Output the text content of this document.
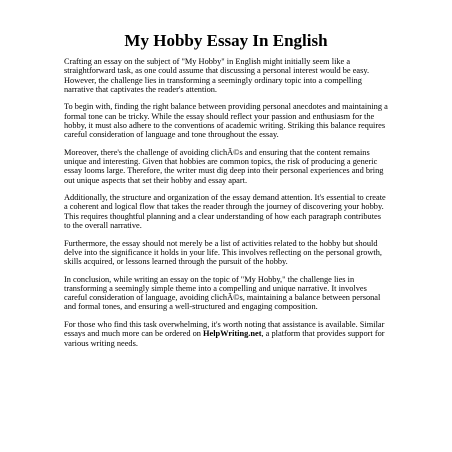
My Hobby Essay In English

Crafting an essay on the subject of "My Hobby" in English might initially seem like a
straightforward task, as one could assume that discussing a personal interest would be easy.
However, the challenge lies in transforming a seemingly ordinary topic into a compelling
narrative that captivates the reader's attention.

To begin with, finding the right balance between providing personal anecdotes and maintaining a
formal tone can be tricky. While the essay should reflect your passion and enthusiasm for the
hobby, it must also adhere to the conventions of academic writing. Striking this balance requires
careful consideration of language and tone throughout the essay.

Moreover, there's the challenge of avoiding clichÃ©s and ensuring that the content remains
unique and interesting. Given that hobbies are common topics, the risk of producing a generic
essay looms large. Therefore, the writer must dig deep into their personal experiences and bring
out unique aspects that set their hobby and essay apart.

Additionally, the structure and organization of the essay demand attention. It's essential to create
a coherent and logical flow that takes the reader through the journey of discovering your hobby.
This requires thoughtful planning and a clear understanding of how each paragraph contributes
to the overall narrative.

Furthermore, the essay should not merely be a list of activities related to the hobby but should
delve into the significance it holds in your life. This involves reflecting on the personal growth,
skills acquired, or lessons learned through the pursuit of the hobby.

In conclusion, while writing an essay on the topic of "My Hobby," the challenge lies in
transforming a seemingly simple theme into a compelling and unique narrative. It involves
careful consideration of language, avoiding clichÃ©s, maintaining a balance between personal
and formal tones, and ensuring a well-structured and engaging composition.

For those who find this task overwhelming, it's worth noting that assistance is available. Similar
essays and much more can be ordered on HelpWriting.net, a platform that provides support for
various writing needs.
